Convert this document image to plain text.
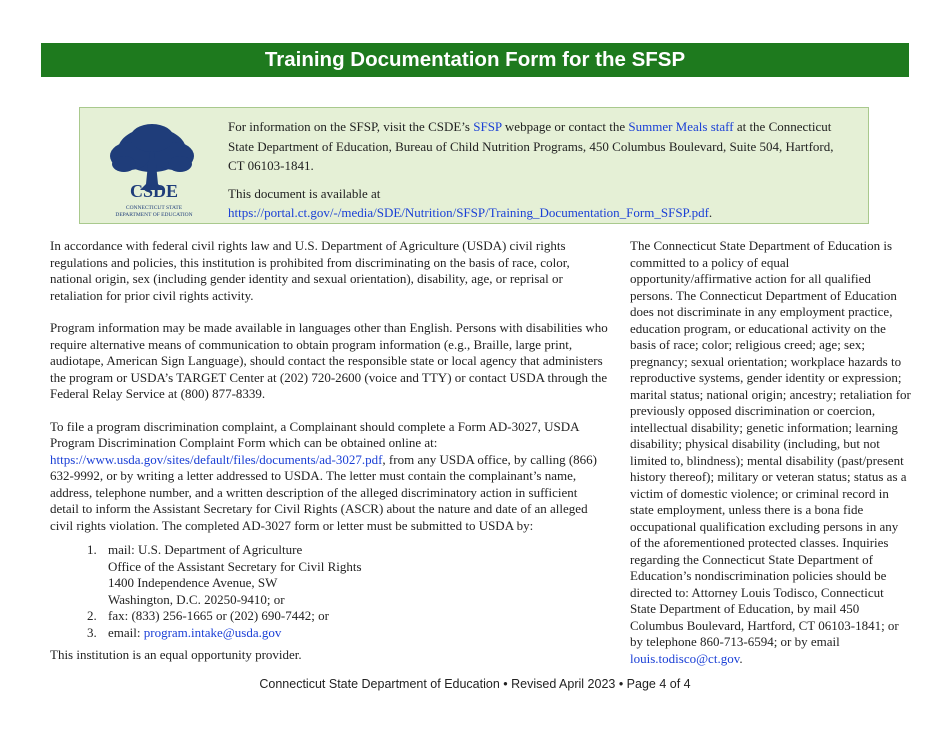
Training Documentation Form for the SFSP
CSDE
CONNECTICUT STATE
DEPARTMENT OF EDUCATION

For information on the SFSP, visit the CSDE’s SFSP webpage or contact the Summer Meals staff at the Connecticut State Department of Education, Bureau of Child Nutrition Programs, 450 Columbus Boulevard, Suite 504, Hartford, CT 06103-1841.

This document is available at https://portal.ct.gov/-/media/SDE/Nutrition/SFSP/Training_Documentation_Form_SFSP.pdf.

In accordance with federal civil rights law and U.S. Department of Agriculture (USDA) civil rights regulations and policies, this institution is prohibited from discriminating on the basis of race, color, national origin, sex (including gender identity and sexual orientation), disability, age, or reprisal or retaliation for prior civil rights activity.

Program information may be made available in languages other than English. Persons with disabilities who require alternative means of communication to obtain program information (e.g., Braille, large print, audiotape, American Sign Language), should contact the responsible state or local agency that administers the program or USDA’s TARGET Center at (202) 720-2600 (voice and TTY) or contact USDA through the Federal Relay Service at (800) 877-8339.

To file a program discrimination complaint, a Complainant should complete a Form AD-3027, USDA Program Discrimination Complaint Form which can be obtained online at: https://www.usda.gov/sites/default/files/documents/ad-3027.pdf, from any USDA office, by calling (866) 632-9992, or by writing a letter addressed to USDA. The letter must contain the complainant’s name, address, telephone number, and a written description of the alleged discriminatory action in sufficient detail to inform the Assistant Secretary for Civil Rights (ASCR) about the nature and date of an alleged civil rights violation. The completed AD-3027 form or letter must be submitted to USDA by:

1. mail: U.S. Department of Agriculture
Office of the Assistant Secretary for Civil Rights
1400 Independence Avenue, SW
Washington, D.C. 20250-9410; or
2. fax: (833) 256-1665 or (202) 690-7442; or
3. email: program.intake@usda.gov
This institution is an equal opportunity provider.
The Connecticut State Department of Education is committed to a policy of equal opportunity/affirmative action for all qualified persons. The Connecticut Department of Education does not discriminate in any employment practice, education program, or educational activity on the basis of race; color; religious creed; age; sex; pregnancy; sexual orientation; workplace hazards to reproductive systems, gender identity or expression; marital status; national origin; ancestry; retaliation for previously opposed discrimination or coercion, intellectual disability; genetic information; learning disability; physical disability (including, but not limited to, blindness); mental disability (past/present history thereof); military or veteran status; status as a victim of domestic violence; or criminal record in state employment, unless there is a bona fide occupational qualification excluding persons in any of the aforementioned protected classes. Inquiries regarding the Connecticut State Department of Education’s nondiscrimination policies should be directed to: Attorney Louis Todisco, Connecticut State Department of Education, by mail 450 Columbus Boulevard, Hartford, CT 06103-1841; or by telephone 860-713-6594; or by email louis.todisco@ct.gov.
Connecticut State Department of Education • Revised April 2023 • Page 4 of 4
